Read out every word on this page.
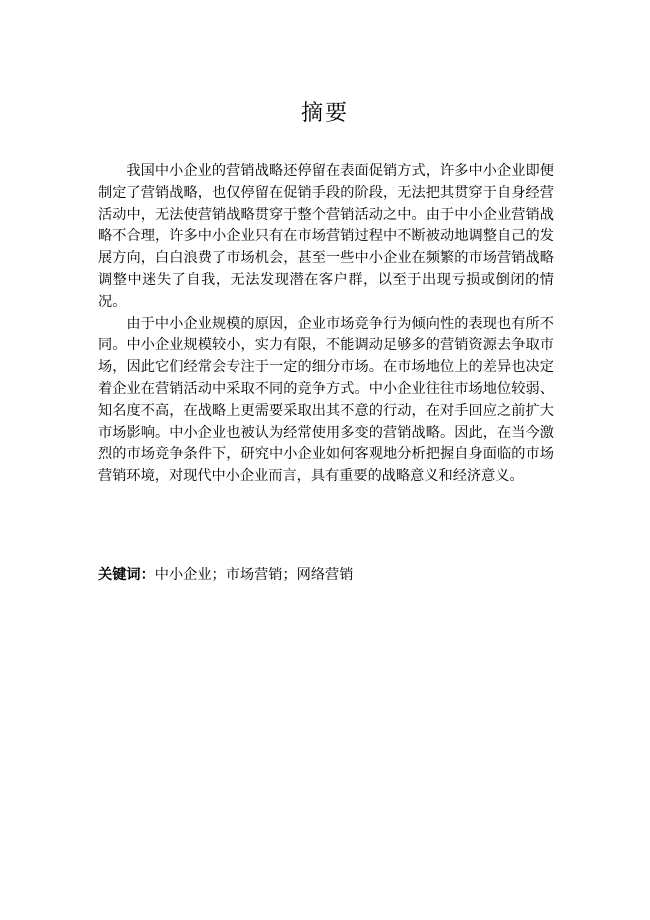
摘要

我国中小企业的营销战略还停留在表面促销方式，许多中小企业即便制定了营销战略，也仅停留在促销手段的阶段，无法把其贯穿于自身经营活动中，无法使营销战略贯穿于整个营销活动之中。由于中小企业营销战略不合理，许多中小企业只有在市场营销过程中不断被动地调整自己的发展方向，白白浪费了市场机会，甚至一些中小企业在频繁的市场营销战略调整中迷失了自我，无法发现潜在客户群，以至于出现亏损或倒闭的情况。

由于中小企业规模的原因，企业市场竞争行为倾向性的表现也有所不同。中小企业规模较小，实力有限，不能调动足够多的营销资源去争取市场，因此它们经常会专注于一定的细分市场。在市场地位上的差异也决定着企业在营销活动中采取不同的竞争方式。中小企业往往市场地位较弱、知名度不高，在战略上更需要采取出其不意的行动，在对手回应之前扩大市场影响。中小企业也被认为经常使用多变的营销战略。因此，在当今激烈的市场竞争条件下，研究中小企业如何客观地分析把握自身面临的市场营销环境，对现代中小企业而言，具有重要的战略意义和经济意义。

关键词：中小企业；市场营销；网络营销
